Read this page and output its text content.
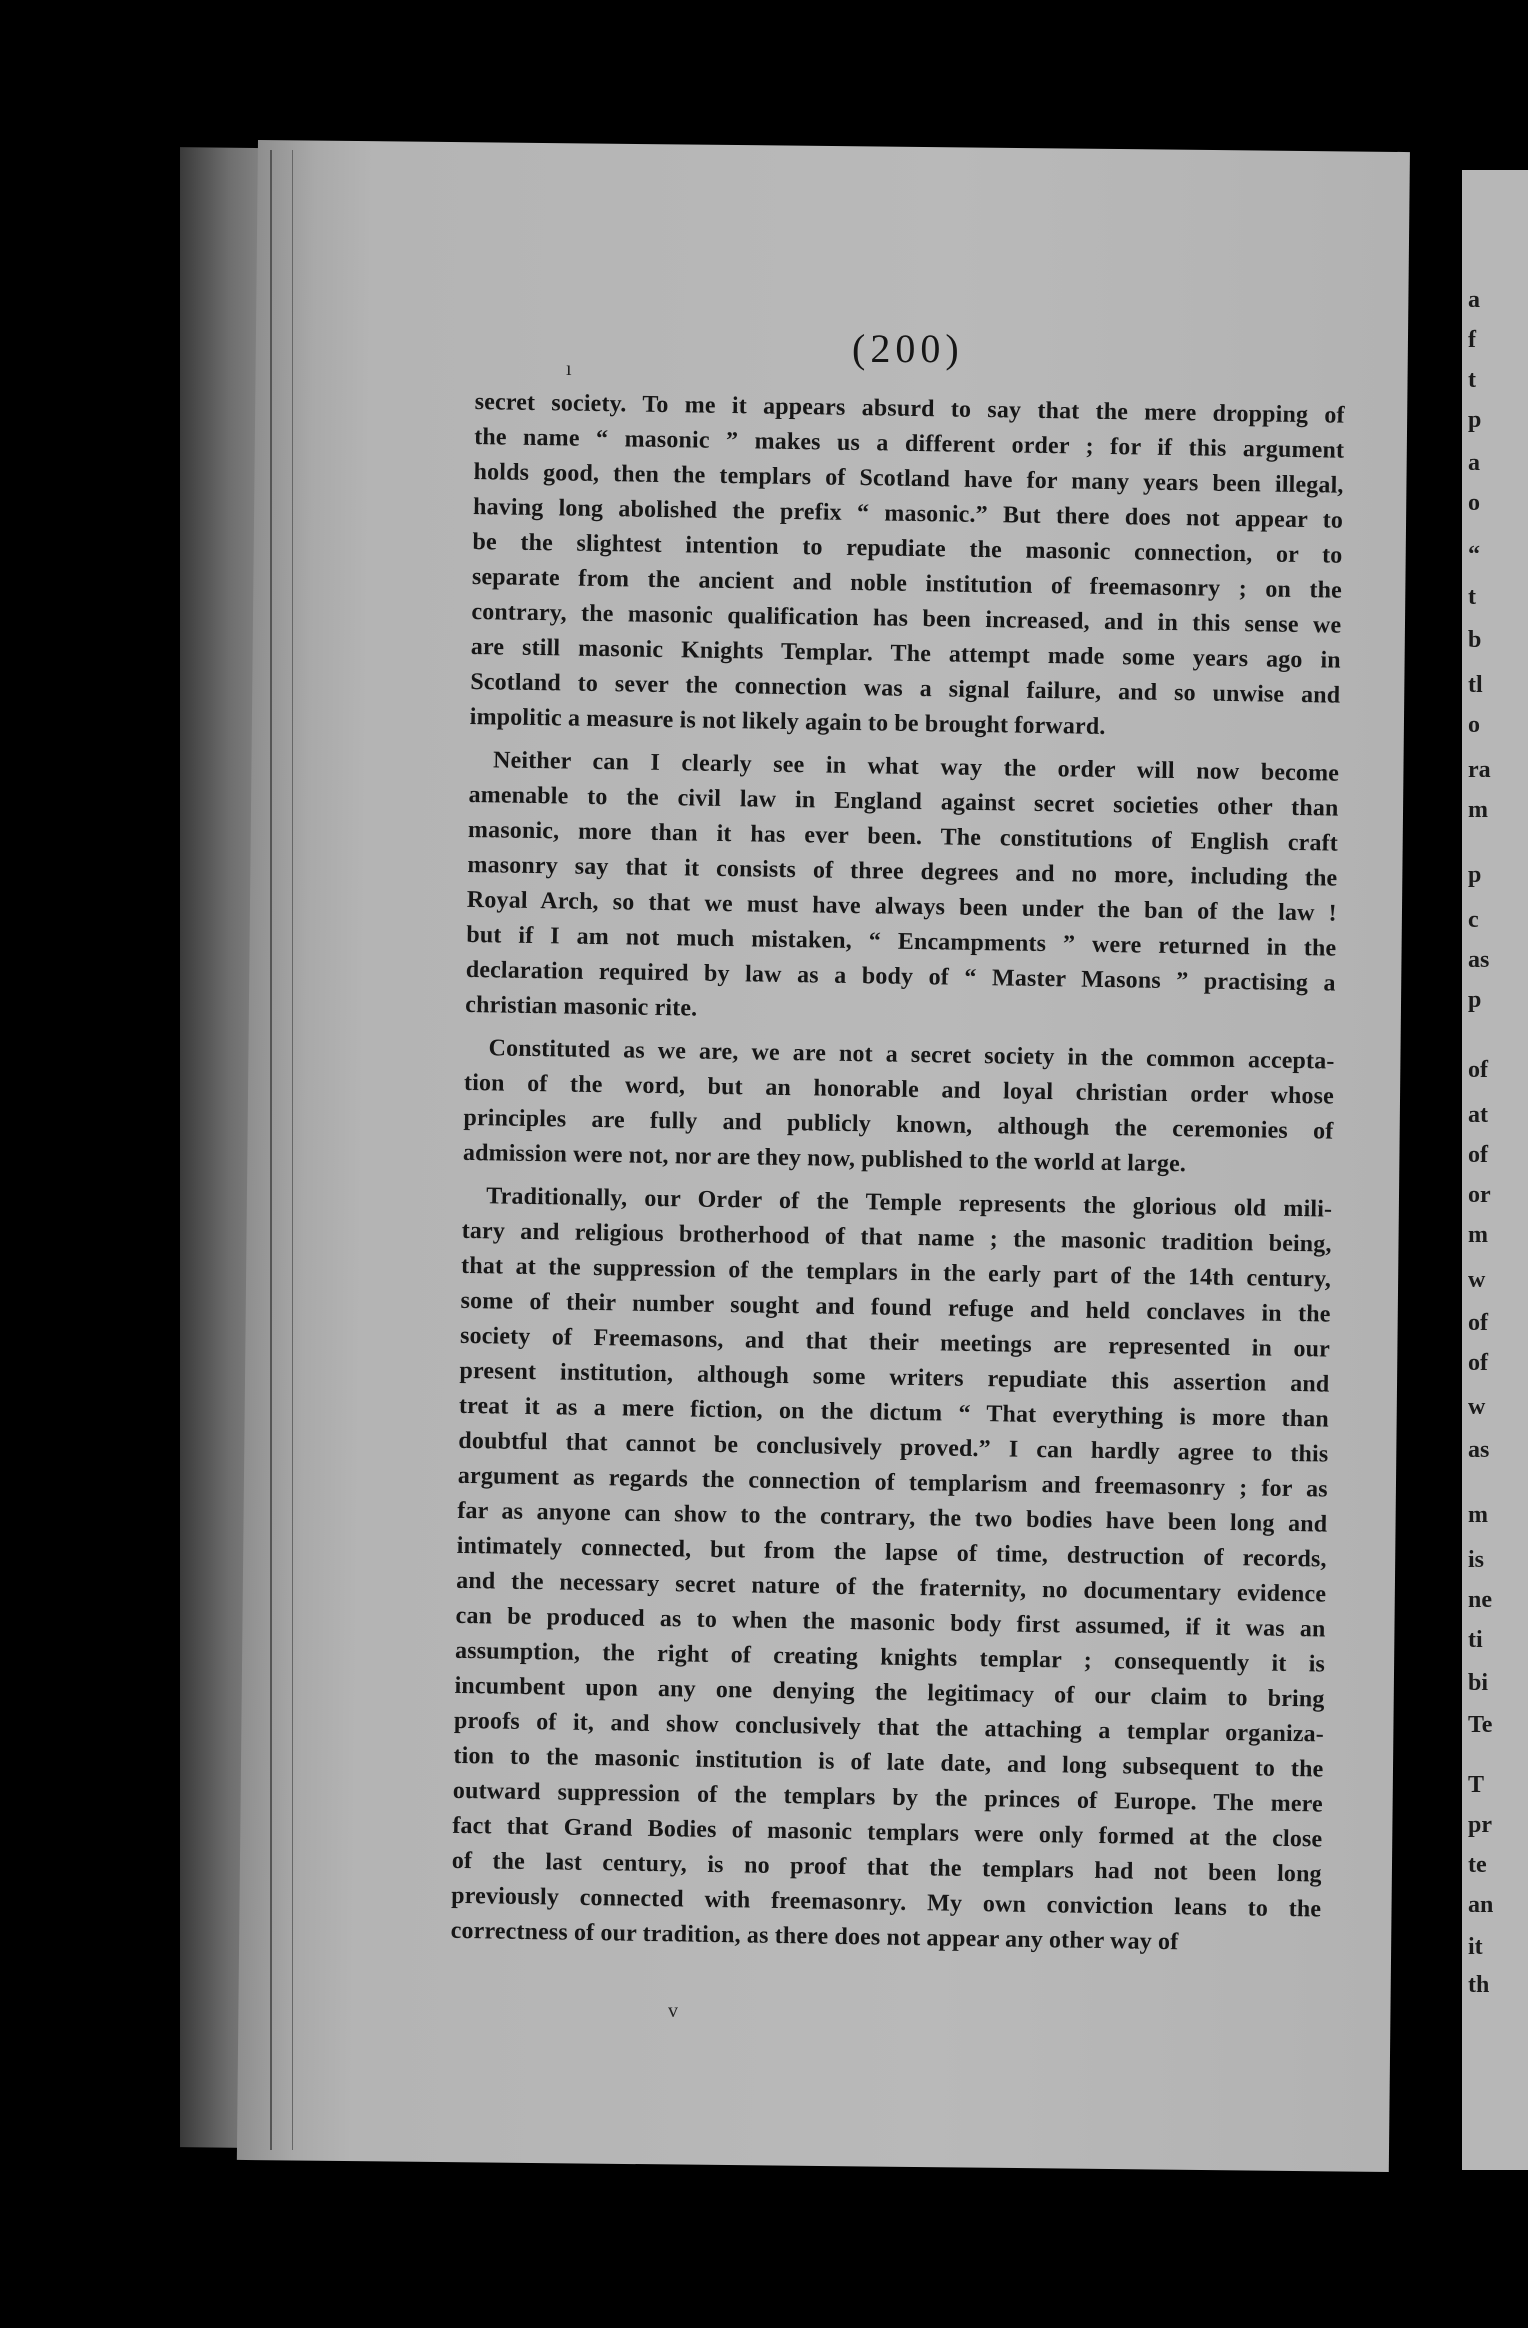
(200)
secret society. To me it appears absurd to say that the mere dropping of
the name “ masonic ” makes us a different order ; for if this argument
holds good, then the templars of Scotland have for many years been illegal,
having long abolished the prefix “ masonic.” But there does not appear to
be the slightest intention to repudiate the masonic connection, or to
separate from the ancient and noble institution of freemasonry ; on the
contrary, the masonic qualification has been increased, and in this sense we
are still masonic Knights Templar. The attempt made some years ago in
Scotland to sever the connection was a signal failure, and so unwise and
impolitic a measure is not likely again to be brought forward.
Neither can I clearly see in what way the order will now become
amenable to the civil law in England against secret societies other than
masonic, more than it has ever been. The constitutions of English craft
masonry say that it consists of three degrees and no more, including the
Royal Arch, so that we must have always been under the ban of the law !
but if I am not much mistaken, “ Encampments ” were returned in the
declaration required by law as a body of “ Master Masons ” practising a
christian masonic rite.
Constituted as we are, we are not a secret society in the common accepta-
tion of the word, but an honorable and loyal christian order whose
principles are fully and publicly known, although the ceremonies of
admission were not, nor are they now, published to the world at large.
Traditionally, our Order of the Temple represents the glorious old mili-
tary and religious brotherhood of that name ; the masonic tradition being,
that at the suppression of the templars in the early part of the 14th century,
some of their number sought and found refuge and held conclaves in the
society of Freemasons, and that their meetings are represented in our
present institution, although some writers repudiate this assertion and
treat it as a mere fiction, on the dictum “ That everything is more than
doubtful that cannot be conclusively proved.” I can hardly agree to this
argument as regards the connection of templarism and freemasonry ; for as
far as anyone can show to the contrary, the two bodies have been long and
intimately connected, but from the lapse of time, destruction of records,
and the necessary secret nature of the fraternity, no documentary evidence
can be produced as to when the masonic body first assumed, if it was an
assumption, the right of creating knights templar ; consequently it is
incumbent upon any one denying the legitimacy of our claim to bring
proofs of it, and show conclusively that the attaching a templar organiza-
tion to the masonic institution is of late date, and long subsequent to the
outward suppression of the templars by the princes of Europe. The mere
fact that Grand Bodies of masonic templars were only formed at the close
of the last century, is no proof that the templars had not been long
previously connected with freemasonry. My own conviction leans to the
correctness of our tradition, as there does not appear any other way of
a
f
t
p
a
o
“
t
b
tl
o
ra
m
p
c
as
p
of
at
of
or
m
w
of
of
w
as
m
is
ne
ti
bi
Te
T
pr
te
an
it
th
ı
v
